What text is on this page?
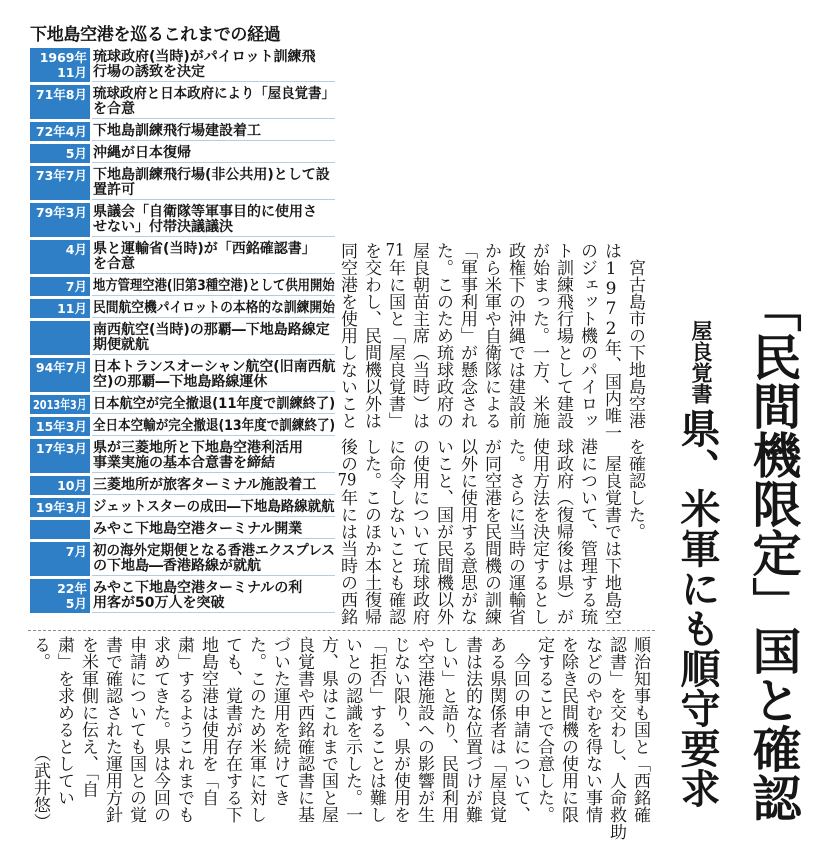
下地島空港を巡るこれまでの経過
1969年
11月
琉球政府(当時)がパイロット訓練飛
行場の誘致を決定
71年8月 琉球政府と日本政府により「屋良覚書」
を合意
72年4月 下地島訓練飛行場建設着工
5月 沖縄が日本復帰
73年7月 下地島訓練飛行場(非公共用)として設
置許可
79年3月 県議会「自衛隊等軍事目的に使用さ
せない」付帯決議議決
4月 県と運輸省(当時)が「西銘確認書」
を合意
7月 地方管理空港(旧第3種空港)として供用開始
11月 民間航空機パイロットの本格的な訓練開始
南西航空(当時)の那覇―下地島路線定
期便就航
94年7月 日本トランスオーシャン航空(旧南西航
空)の那覇―下地島路線運休
2013年3月 日本航空が完全撤退(11年度で訓練終了)
15年3月 全日本空輸が完全撤退(13年度で訓練終了)
17年3月 県が三菱地所と下地島空港利活用
事業実施の基本合意書を締結
10月 三菱地所が旅客ターミナル施設着工
19年3月 ジェットスターの成田―下地島路線就航
みやこ下地島空港ターミナル開業
7月 初の海外定期便となる香港エクスプレス
の下地島―香港路線が就航
22年
5月
みやこ下地島空港ターミナルの利
用客が50万人を突破
屋良覚書 「民間機限定」国と確認
県、米軍にも順守要求
　宮古島市の下地島空港
は1972年、国内唯一
のジェット機のパイロッ
ト訓練飛行場として建設
が始まった。一方、米施
政権下の沖縄では建設前
から米軍や自衛隊による
「軍事利用」が懸念され
た。このため琉球政府の
屋良朝苗主席（当時）は
71年に国と「屋良覚書」
を交わし、民間機以外は
同空港を使用しないこと
を確認した。
　屋良覚書では下地島空
港について、管理する琉
球政府（復帰後は県）が
使用方法を決定するとし
た。さらに当時の運輸省
が同空港を民間機の訓練
以外に使用する意思がな
いこと、国が民間機以外
の使用について琉球政府
に命令しないことも確認
した。このほか本土復帰
後の79年には当時の西銘
順治知事も国と「西銘確
認書」を交わし、人命救助
などのやむを得ない事情
を除き民間機の使用に限
定することで合意した。
　今回の申請について、
ある県関係者は「屋良覚
書は法的な位置づけが難
しい」と語り、民間利用
や空港施設への影響が生
じない限り、県が使用を
「拒否」することは難し
いとの認識を示した。一
方、県はこれまで国と屋
良覚書や西銘確認書に基
づいた運用を続けてき
た。このため米軍に対し
ても、覚書が存在する下
地島空港は使用を「自
粛」するようこれまでも
求めてきた。県は今回の
申請についても国との覚
書で確認された運用方針
を米軍側に伝え、「自
粛」を求めるとしてい
る。
（武井悠）
